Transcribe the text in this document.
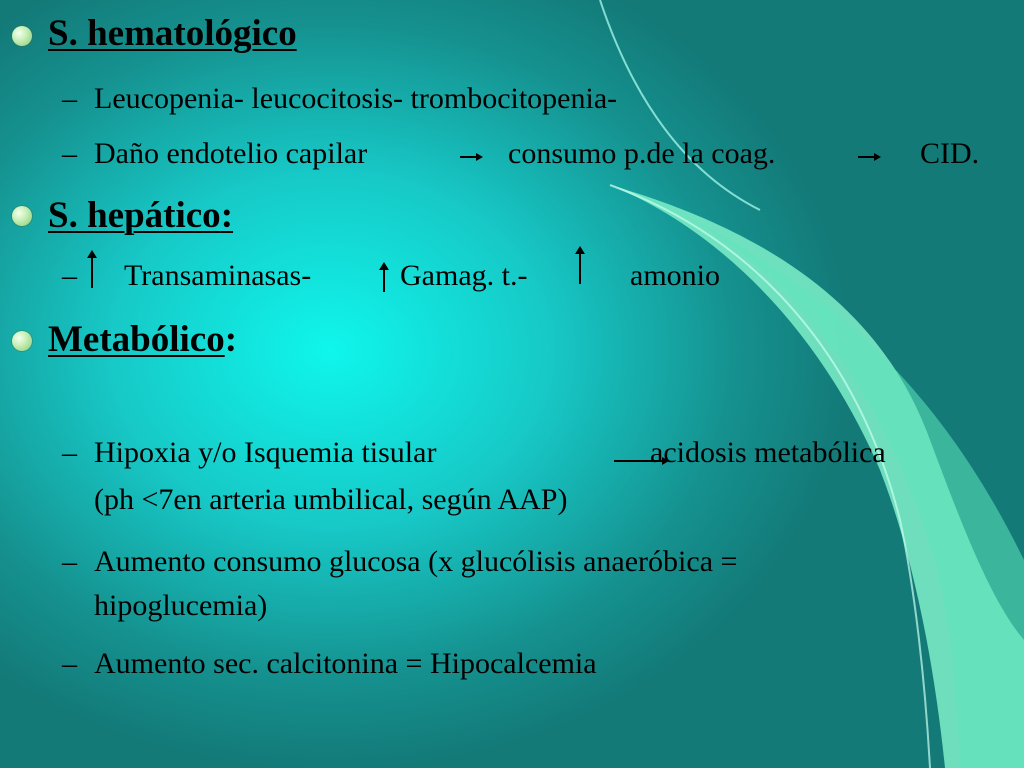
S. hematológico
– Leucopenia- leucocitosis- trombocitopenia-
– Daño endotelio capilar	consumo p.de la coag.	CID.
S. hepático:
– Transaminasas-	Gamag. t.-	amonio
Metabólico:
– Hipoxia y/o Isquemia tisular	acidosis metabólica
(ph <7en arteria umbilical, según AAP)
– Aumento consumo glucosa (x glucólisis anaeróbica =
hipoglucemia)
– Aumento sec. calcitonina = Hipocalcemia
